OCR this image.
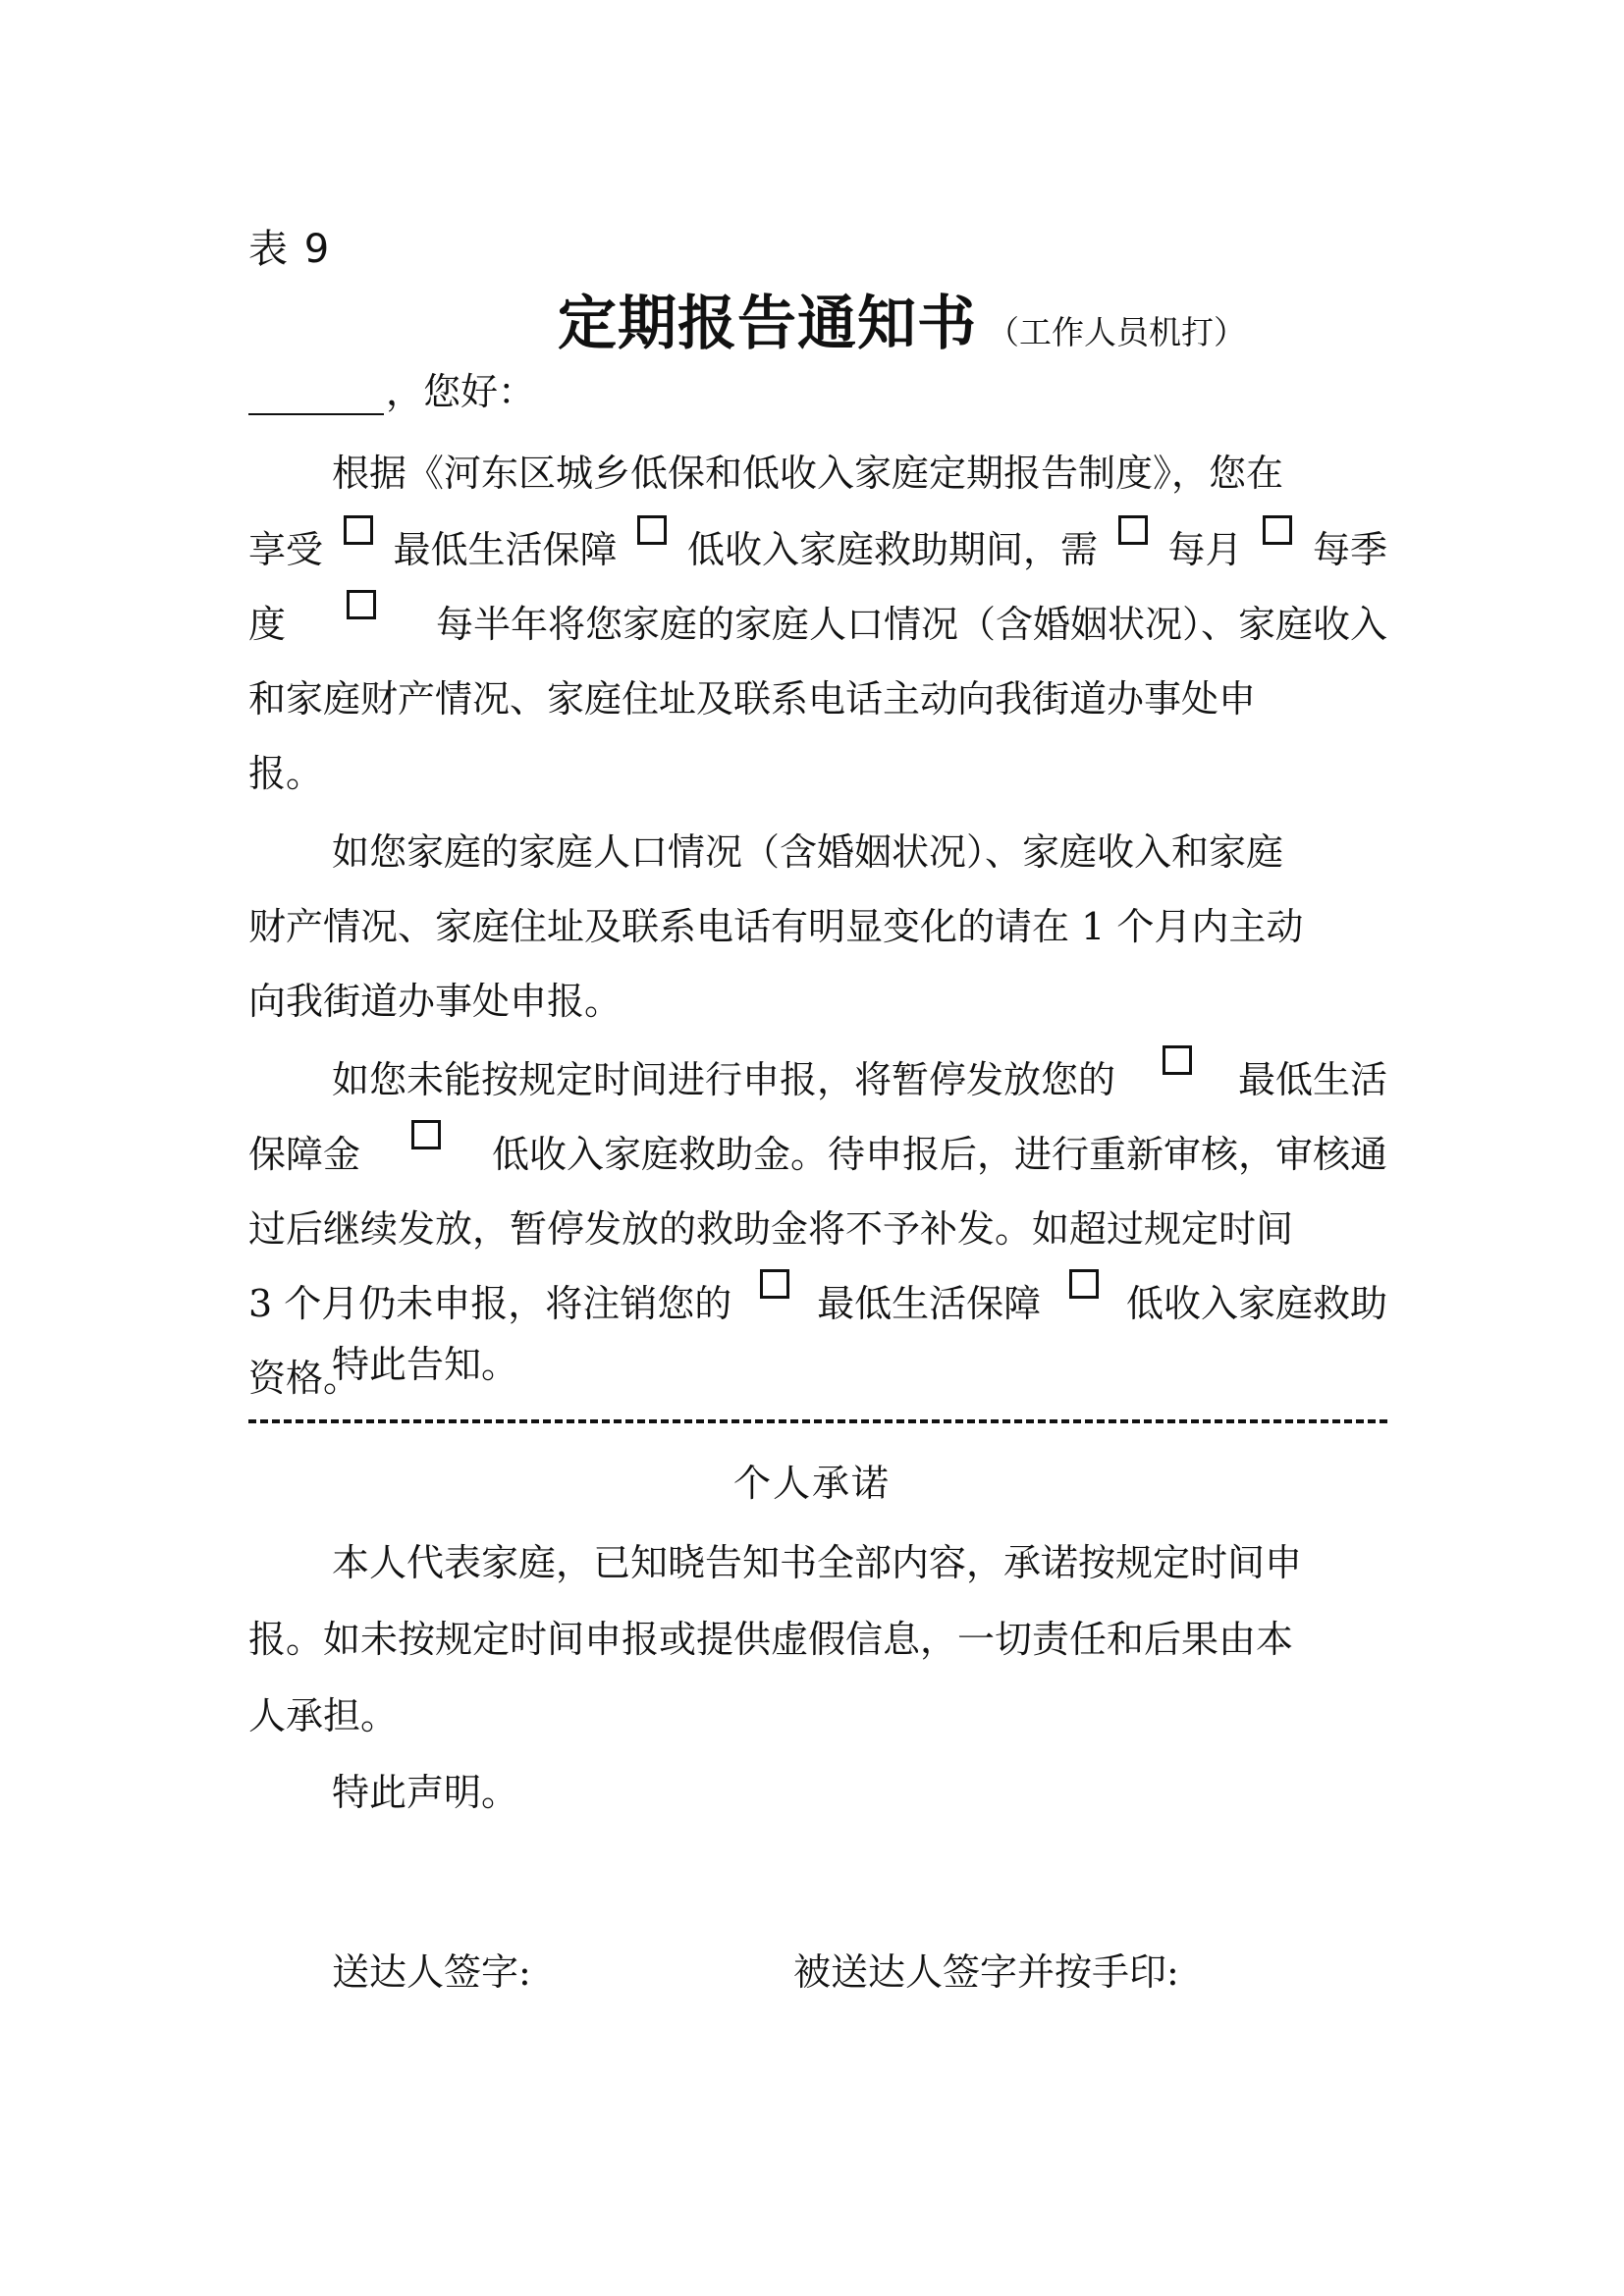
表 9
定期报告通知书 （工作人员机打）
，您好：
根据《河东区城乡低保和低收入家庭定期报告制度》，您在
享受 最低生活保障 低收入家庭救助期间，需 每月 每季
度	每半年将您家庭的家庭人口情况（含婚姻状况）、家庭收入
和家庭财产情况、家庭住址及联系电话主动向我街道办事处申
报。
如您家庭的家庭人口情况（含婚姻状况）、家庭收入和家庭
财产情况、家庭住址及联系电话有明显变化的请在 1 个月内主动
向我街道办事处申报。
如您未能按规定时间进行申报，将暂停发放您的	最低生活
保障金	低收入家庭救助金。待申报后，进行重新审核，审核通
过后继续发放，暂停发放的救助金将不予补发。如超过规定时间
3 个月仍未申报，将注销您的 最低生活保障 低收入家庭救助
资格。
特此告知。
个人承诺
本人代表家庭，已知晓告知书全部内容，承诺按规定时间申
报。如未按规定时间申报或提供虚假信息，一切责任和后果由本
人承担。
特此声明。
送达人签字:	被送达人签字并按手印:
